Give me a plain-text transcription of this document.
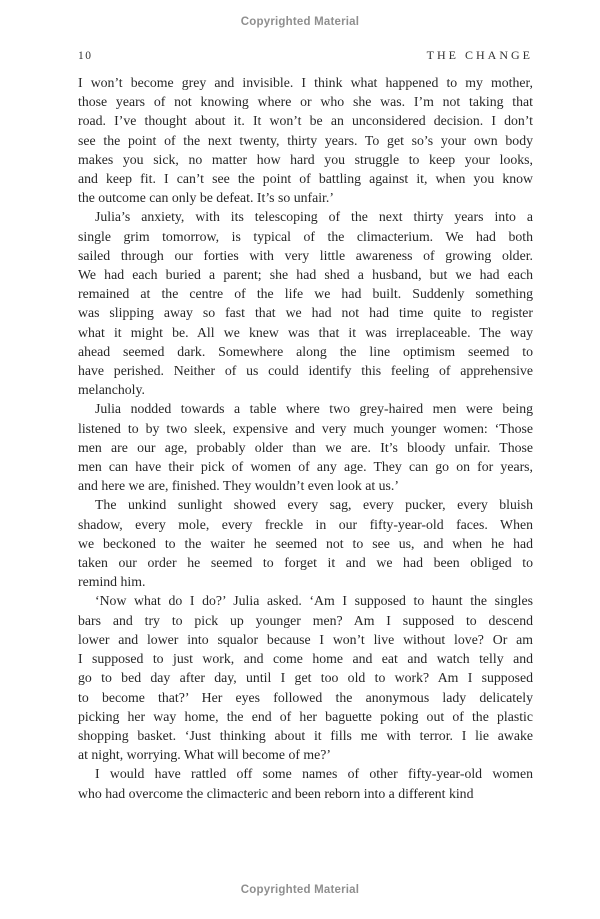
Copyrighted Material
10	THE CHANGE
I won’t become grey and invisible. I think what happened to my mother,
those years of not knowing where or who she was. I’m not taking that
road. I’ve thought about it. It won’t be an unconsidered decision. I don’t
see the point of the next twenty, thirty years. To get so’s your own body
makes you sick, no matter how hard you struggle to keep your looks,
and keep fit. I can’t see the point of battling against it, when you know
the outcome can only be defeat. It’s so unfair.’
Julia’s anxiety, with its telescoping of the next thirty years into a
single grim tomorrow, is typical of the climacterium. We had both
sailed through our forties with very little awareness of growing older.
We had each buried a parent; she had shed a husband, but we had each
remained at the centre of the life we had built. Suddenly something
was slipping away so fast that we had not had time quite to register
what it might be. All we knew was that it was irreplaceable. The way
ahead seemed dark. Somewhere along the line optimism seemed to
have perished. Neither of us could identify this feeling of apprehensive
melancholy.
Julia nodded towards a table where two grey-haired men were being
listened to by two sleek, expensive and very much younger women: ‘Those
men are our age, probably older than we are. It’s bloody unfair. Those
men can have their pick of women of any age. They can go on for years,
and here we are, finished. They wouldn’t even look at us.’
The unkind sunlight showed every sag, every pucker, every bluish
shadow, every mole, every freckle in our fifty-year-old faces. When
we beckoned to the waiter he seemed not to see us, and when he had
taken our order he seemed to forget it and we had been obliged to
remind him.
‘Now what do I do?’ Julia asked. ‘Am I supposed to haunt the singles
bars and try to pick up younger men? Am I supposed to descend
lower and lower into squalor because I won’t live without love? Or am
I supposed to just work, and come home and eat and watch telly and
go to bed day after day, until I get too old to work? Am I supposed
to become that?’ Her eyes followed the anonymous lady delicately
picking her way home, the end of her baguette poking out of the plastic
shopping basket. ‘Just thinking about it fills me with terror. I lie awake
at night, worrying. What will become of me?’
I would have rattled off some names of other fifty-year-old women
who had overcome the climacteric and been reborn into a different kind
Copyrighted Material
